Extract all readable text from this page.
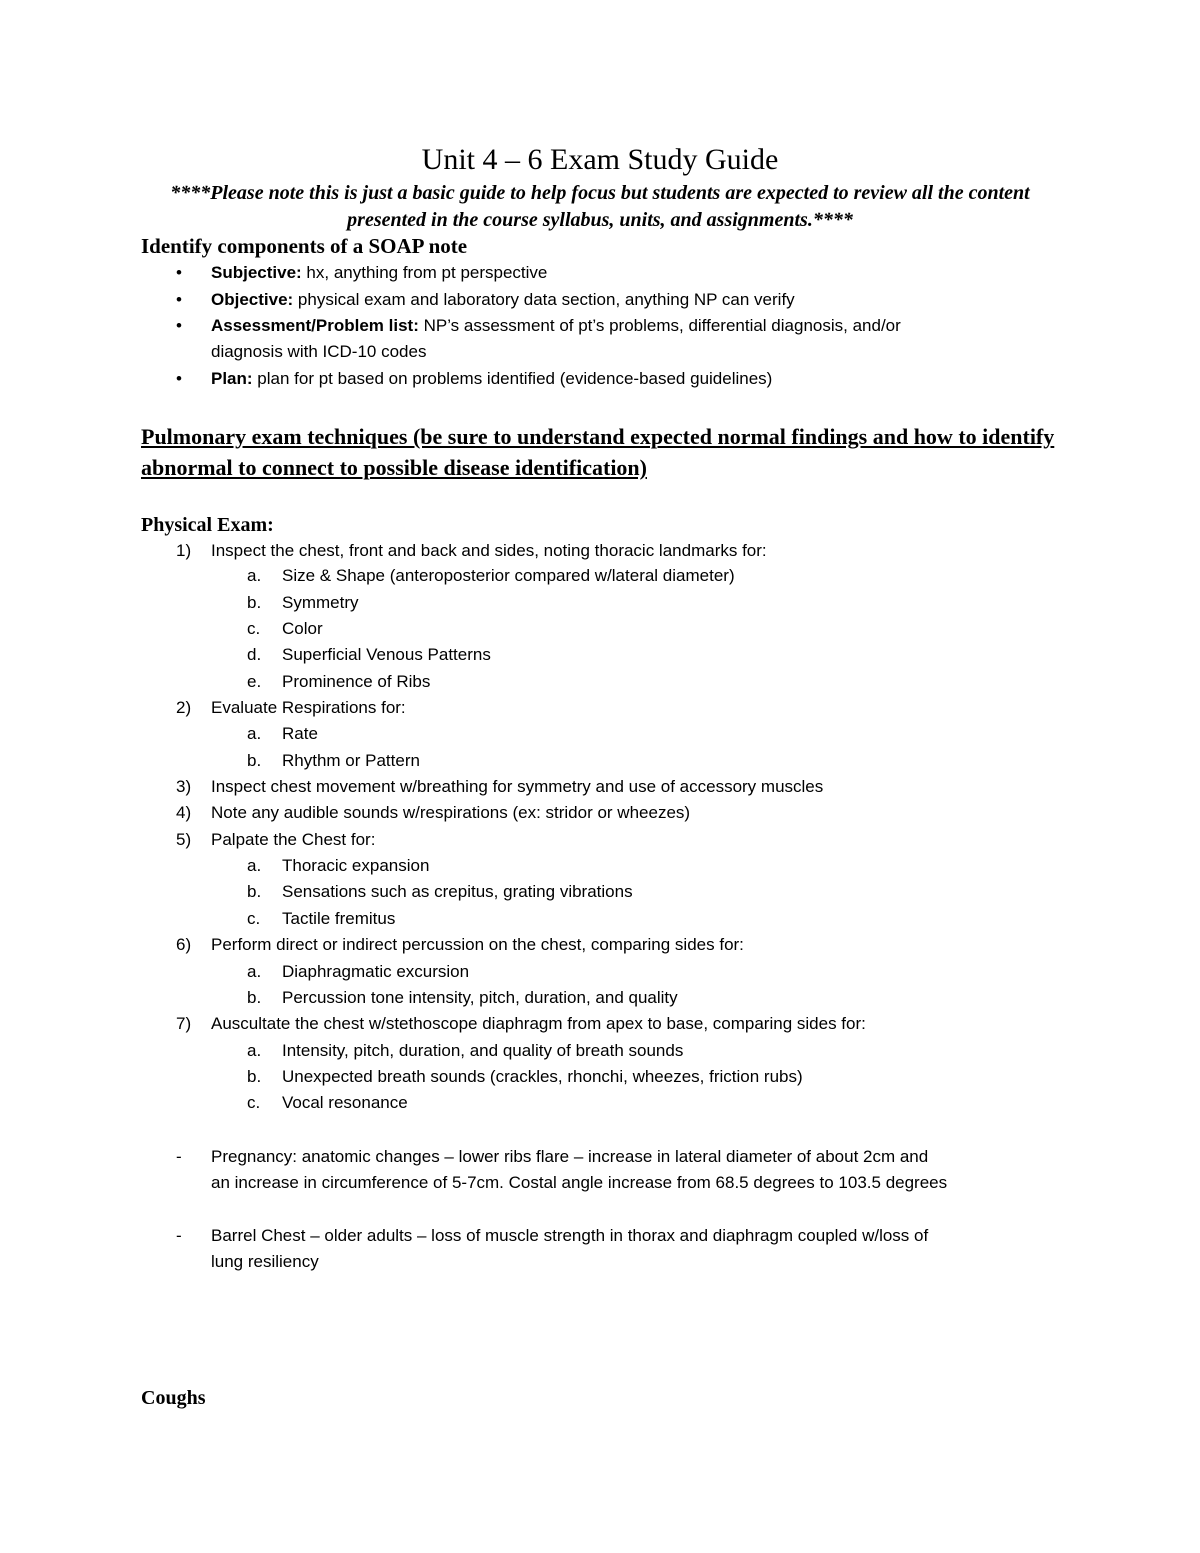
Unit 4 – 6 Exam Study Guide

****Please note this is just a basic guide to help focus but students are expected to review all the content presented in the course syllabus, units, and assignments.****

Identify components of a SOAP note
• Subjective: hx, anything from pt perspective
• Objective: physical exam and laboratory data section, anything NP can verify
• Assessment/Problem list: NP’s assessment of pt’s problems, differential diagnosis, and/or
diagnosis with ICD-10 codes
• Plan: plan for pt based on problems identified (evidence-based guidelines)
Pulmonary exam techniques (be sure to understand expected normal findings and how to identify abnormal to connect to possible disease identification)
Physical Exam:
1) Inspect the chest, front and back and sides, noting thoracic landmarks for:
a. Size & Shape (anteroposterior compared w/lateral diameter)
b. Symmetry
c. Color
d. Superficial Venous Patterns
e. Prominence of Ribs
2) Evaluate Respirations for:
a. Rate
b. Rhythm or Pattern
3) Inspect chest movement w/breathing for symmetry and use of accessory muscles
4) Note any audible sounds w/respirations (ex: stridor or wheezes)
5) Palpate the Chest for:
a. Thoracic expansion
b. Sensations such as crepitus, grating vibrations
c. Tactile fremitus
6) Perform direct or indirect percussion on the chest, comparing sides for:
a. Diaphragmatic excursion
b. Percussion tone intensity, pitch, duration, and quality
7) Auscultate the chest w/stethoscope diaphragm from apex to base, comparing sides for:
a. Intensity, pitch, duration, and quality of breath sounds
b. Unexpected breath sounds (crackles, rhonchi, wheezes, friction rubs)
c. Vocal resonance
- Pregnancy: anatomic changes – lower ribs flare – increase in lateral diameter of about 2cm and
an increase in circumference of 5-7cm. Costal angle increase from 68.5 degrees to 103.5 degrees
- Barrel Chest – older adults – loss of muscle strength in thorax and diaphragm coupled w/loss of
lung resiliency
Coughs
